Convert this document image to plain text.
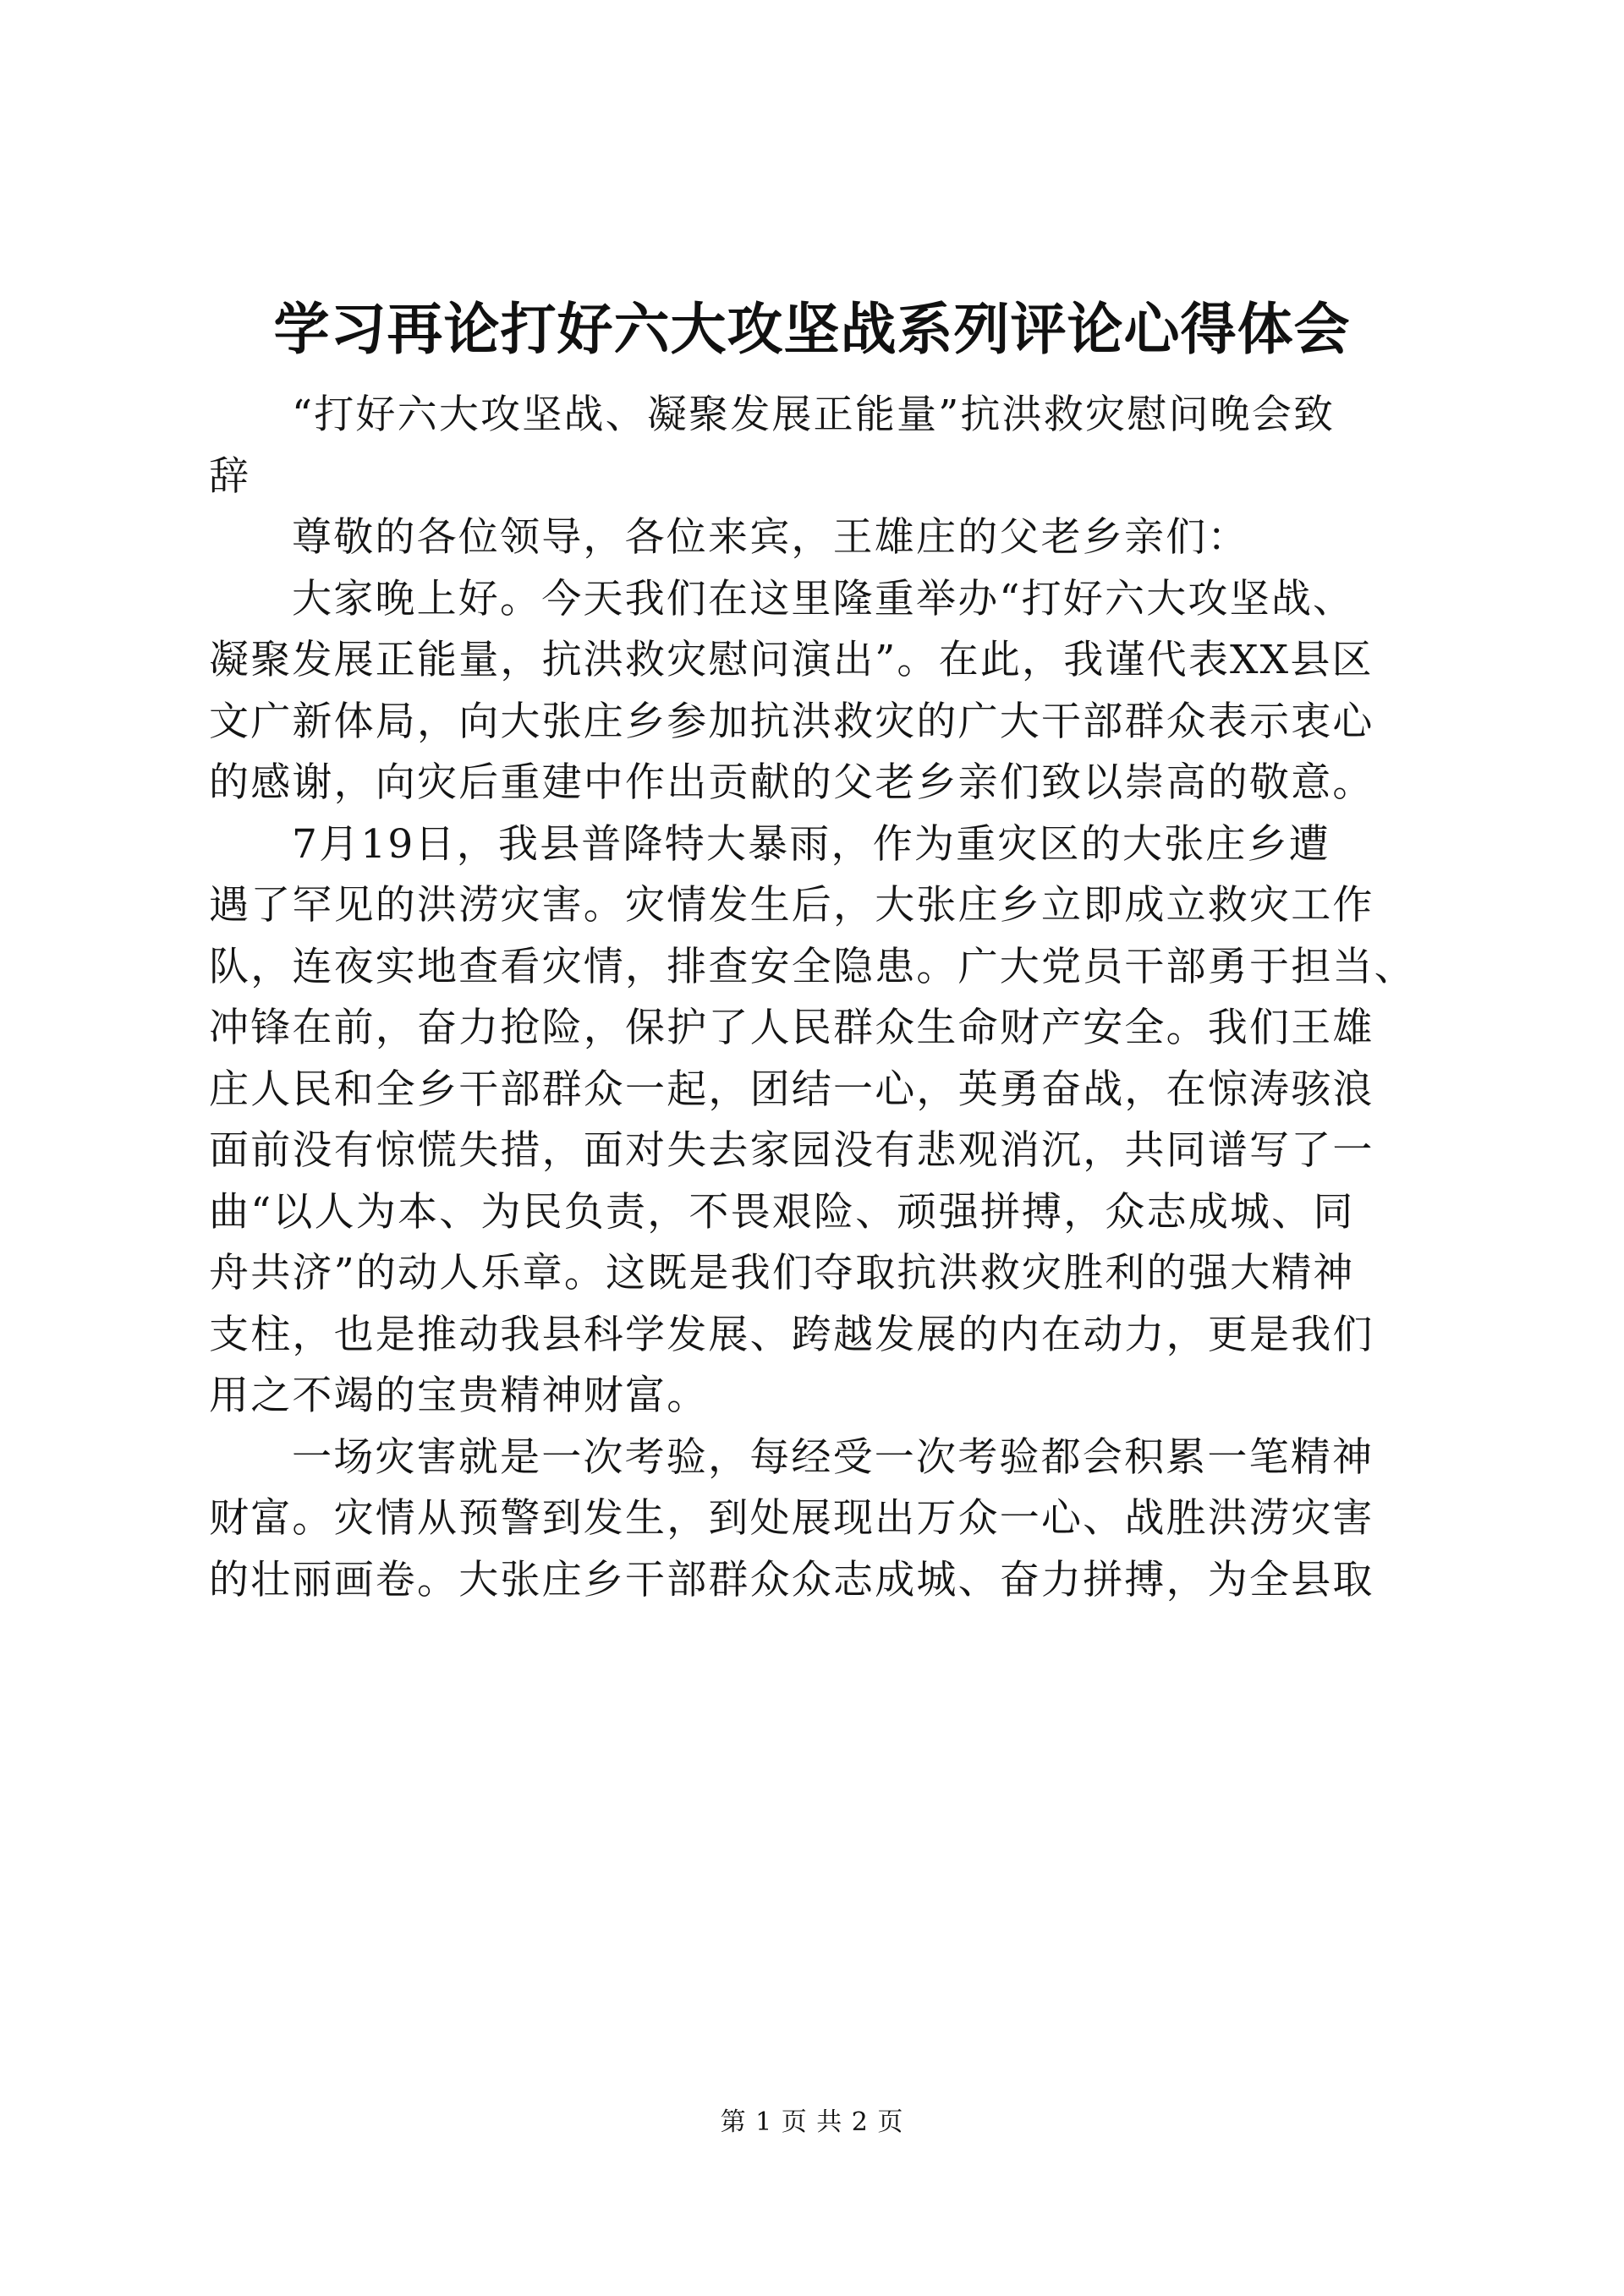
学习再论打好六大攻坚战系列评论心得体会
“打好六大攻坚战、凝聚发展正能量”抗洪救灾慰问晚会致
辞
尊敬的各位领导，各位来宾，王雄庄的父老乡亲们：
大家晚上好。今天我们在这里隆重举办“打好六大攻坚战、
凝聚发展正能量，抗洪救灾慰问演出”。在此，我谨代表XX县区
文广新体局，向大张庄乡参加抗洪救灾的广大干部群众表示衷心
的感谢，向灾后重建中作出贡献的父老乡亲们致以崇高的敬意。
7月19日，我县普降特大暴雨，作为重灾区的大张庄乡遭
遇了罕见的洪涝灾害。灾情发生后，大张庄乡立即成立救灾工作
队，连夜实地查看灾情，排查安全隐患。广大党员干部勇于担当、
冲锋在前，奋力抢险，保护了人民群众生命财产安全。我们王雄
庄人民和全乡干部群众一起，团结一心，英勇奋战，在惊涛骇浪
面前没有惊慌失措，面对失去家园没有悲观消沉，共同谱写了一
曲“以人为本、为民负责，不畏艰险、顽强拼搏，众志成城、同
舟共济”的动人乐章。这既是我们夺取抗洪救灾胜利的强大精神
支柱，也是推动我县科学发展、跨越发展的内在动力，更是我们
用之不竭的宝贵精神财富。
一场灾害就是一次考验，每经受一次考验都会积累一笔精神
财富。灾情从预警到发生，到处展现出万众一心、战胜洪涝灾害
的壮丽画卷。大张庄乡干部群众众志成城、奋力拼搏，为全县取
第 1 页 共 2 页
